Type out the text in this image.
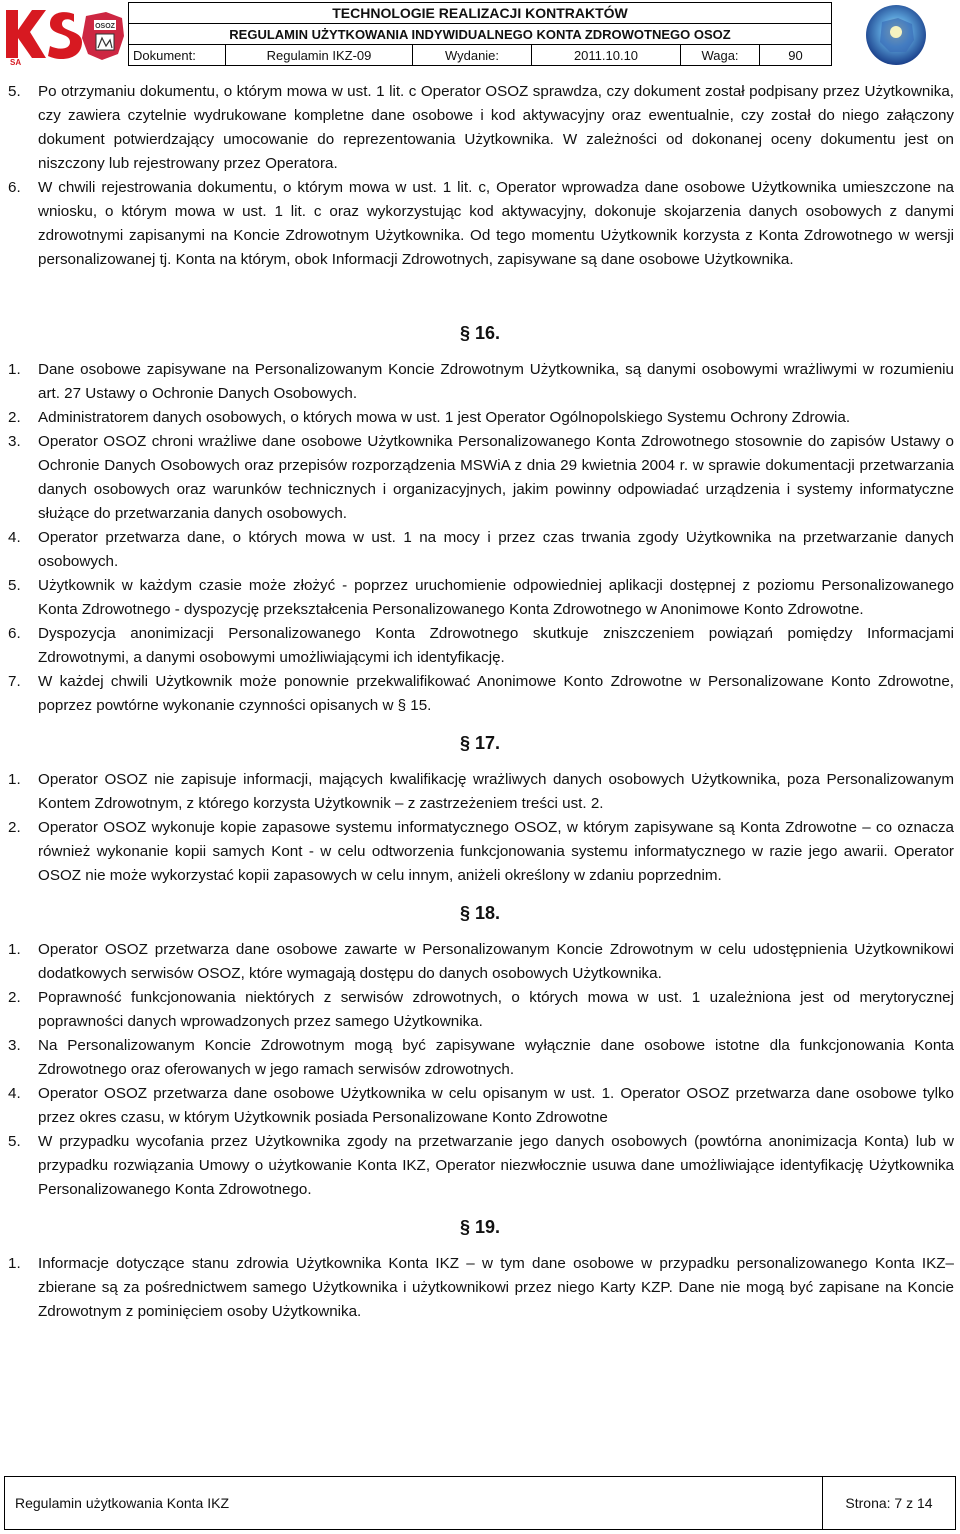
SA
OSOZ
TECHNOLOGIE REALIZACJI KONTRAKTÓW
REGULAMIN UŻYTKOWANIA INDYWIDUALNEGO KONTA ZDROWOTNEGO OSOZ
Dokument:	Regulamin IKZ-09	Wydanie:	2011.10.10	Waga:	90
5. Po otrzymaniu dokumentu, o którym mowa w ust. 1 lit. c Operator OSOZ sprawdza, czy dokument został podpisany przez Użytkownika, czy zawiera czytelnie wydrukowane kompletne dane osobowe i kod aktywacyjny oraz ewentualnie, czy został do niego załączony dokument potwierdzający umocowanie do reprezentowania Użytkownika. W zależności od dokonanej oceny dokumentu jest on niszczony lub rejestrowany przez Operatora.
6. W chwili rejestrowania dokumentu, o którym mowa w ust. 1 lit. c, Operator wprowadza dane osobowe Użytkownika umieszczone na wniosku, o którym mowa w ust. 1 lit. c oraz wykorzystując kod aktywacyjny, dokonuje skojarzenia danych osobowych z danymi zdrowotnymi zapisanymi na Koncie Zdrowotnym Użytkownika. Od tego momentu Użytkownik korzysta z Konta Zdrowotnego w wersji personalizowanej tj. Konta na którym, obok Informacji Zdrowotnych, zapisywane są dane osobowe Użytkownika.
§ 16.
1. Dane osobowe zapisywane na Personalizowanym Koncie Zdrowotnym Użytkownika, są danymi osobowymi wrażliwymi w rozumieniu art. 27 Ustawy o Ochronie Danych Osobowych.
2. Administratorem danych osobowych, o których mowa w ust. 1 jest Operator Ogólnopolskiego Systemu Ochrony Zdrowia.
3. Operator OSOZ chroni wrażliwe dane osobowe Użytkownika Personalizowanego Konta Zdrowotnego stosownie do zapisów Ustawy o Ochronie Danych Osobowych oraz przepisów rozporządzenia MSWiA z dnia 29 kwietnia 2004 r. w sprawie dokumentacji przetwarzania danych osobowych oraz warunków technicznych i organizacyjnych, jakim powinny odpowiadać urządzenia i systemy informatyczne służące do przetwarzania danych osobowych.
4. Operator przetwarza dane, o których mowa w ust. 1 na mocy i przez czas trwania zgody Użytkownika na przetwarzanie danych osobowych.
5. Użytkownik w każdym czasie może złożyć - poprzez uruchomienie odpowiedniej aplikacji dostępnej z poziomu Personalizowanego Konta Zdrowotnego - dyspozycję przekształcenia Personalizowanego Konta Zdrowotnego w Anonimowe Konto Zdrowotne.
6. Dyspozycja anonimizacji Personalizowanego Konta Zdrowotnego skutkuje zniszczeniem powiązań pomiędzy Informacjami Zdrowotnymi, a danymi osobowymi umożliwiającymi ich identyfikację.
7. W każdej chwili Użytkownik może ponownie przekwalifikować Anonimowe Konto Zdrowotne w Personalizowane Konto Zdrowotne, poprzez powtórne wykonanie czynności opisanych w § 15.
§ 17.
1. Operator OSOZ nie zapisuje informacji, mających kwalifikację wrażliwych danych osobowych Użytkownika, poza Personalizowanym Kontem Zdrowotnym, z którego korzysta Użytkownik – z zastrzeżeniem treści ust. 2.
2. Operator OSOZ wykonuje kopie zapasowe systemu informatycznego OSOZ, w którym zapisywane są Konta Zdrowotne – co oznacza również wykonanie kopii samych Kont - w celu odtworzenia funkcjonowania systemu informatycznego w razie jego awarii. Operator OSOZ nie może wykorzystać kopii zapasowych w celu innym, aniżeli określony w zdaniu poprzednim.
§ 18.
1. Operator OSOZ przetwarza dane osobowe zawarte w Personalizowanym Koncie Zdrowotnym w celu udostępnienia Użytkownikowi dodatkowych serwisów OSOZ, które wymagają dostępu do danych osobowych Użytkownika.
2. Poprawność funkcjonowania niektórych z serwisów zdrowotnych, o których mowa w ust. 1 uzależniona jest od merytorycznej poprawności danych wprowadzonych przez samego Użytkownika.
3. Na Personalizowanym Koncie Zdrowotnym mogą być zapisywane wyłącznie dane osobowe istotne dla funkcjonowania Konta Zdrowotnego oraz oferowanych w jego ramach serwisów zdrowotnych.
4. Operator OSOZ przetwarza dane osobowe Użytkownika w celu opisanym w ust. 1. Operator OSOZ przetwarza dane osobowe tylko przez okres czasu, w którym Użytkownik posiada Personalizowane Konto Zdrowotne
5. W przypadku wycofania przez Użytkownika zgody na przetwarzanie jego danych osobowych (powtórna anonimizacja Konta) lub w przypadku rozwiązania Umowy o użytkowanie Konta IKZ, Operator niezwłocznie usuwa dane umożliwiające identyfikację Użytkownika Personalizowanego Konta Zdrowotnego.
§ 19.
1. Informacje dotyczące stanu zdrowia Użytkownika Konta IKZ – w tym dane osobowe w przypadku personalizowanego Konta IKZ– zbierane są za pośrednictwem samego Użytkownika i użytkownikowi przez niego Karty KZP. Dane nie mogą być zapisane na Koncie Zdrowotnym z pominięciem osoby Użytkownika.
Regulamin użytkowania Konta IKZ	Strona: 7 z 14
